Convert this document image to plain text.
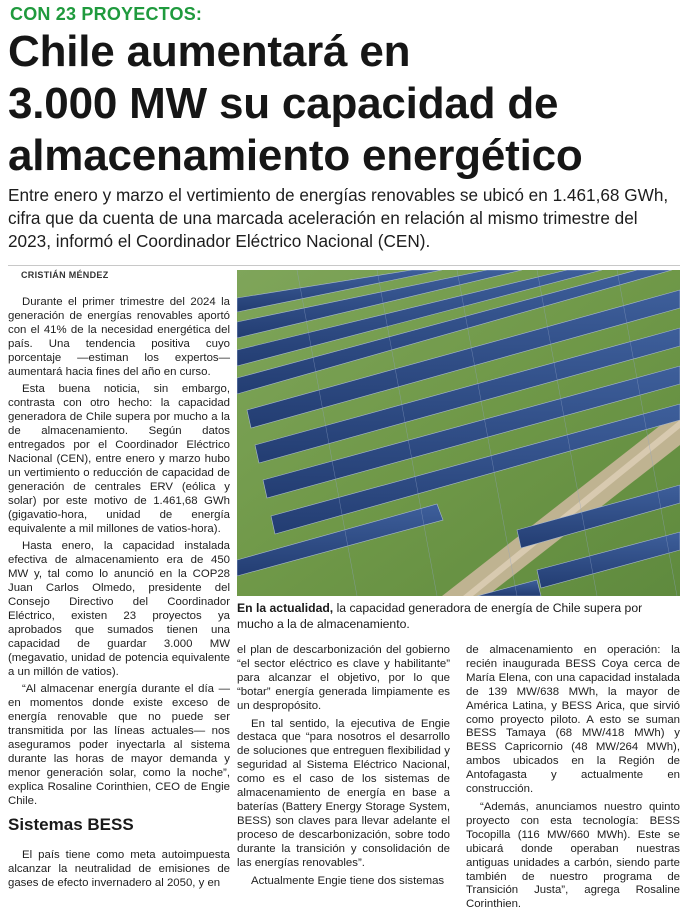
CON 23 PROYECTOS:
Chile aumentará en
3.000 MW su capacidad de
almacenamiento energético

Entre enero y marzo el vertimiento de energías renovables se ubicó en 1.461,68 GWh, cifra que da cuenta de una marcada aceleración en relación al mismo trimestre del 2023, informó el Coordinador Eléctrico Nacional (CEN).

CRISTIÁN MÉNDEZ

Durante el primer trimestre del 2024 la generación de energías renovables aportó con el 41% de la necesidad energética del país. Una tendencia positiva cuyo porcentaje —estiman los expertos— aumentará hacia fines del año en curso.

Esta buena noticia, sin embargo, contrasta con otro hecho: la capacidad generadora de Chile supera por mucho a la de almacenamiento. Según datos entregados por el Coordinador Eléctrico Nacional (CEN), entre enero y marzo hubo un vertimiento o reducción de capacidad de generación de centrales ERV (eólica y solar) por este motivo de 1.461,68 GWh (gigavatio-hora, unidad de energía equivalente a mil millones de vatios-hora).

Hasta enero, la capacidad instalada efectiva de almacenamiento era de 450 MW y, tal como lo anunció en la COP28 Juan Carlos Olmedo, presidente del Consejo Directivo del Coordinador Eléctrico, existen 23 proyectos ya aprobados que sumados tienen una capacidad de guardar 3.000 MW (megavatio, unidad de potencia equivalente a un millón de vatios).

“Al almacenar energía durante el día —en momentos donde existe exceso de energía renovable que no puede ser transmitida por las líneas actuales— nos aseguramos poder inyectarla al sistema durante las horas de mayor demanda y menor generación solar, como la noche”, explica Rosaline Corinthien, CEO de Engie Chile.

Sistemas BESS

El país tiene como meta autoimpuesta alcanzar la neutralidad de emisiones de gases de efecto invernadero al 2050, y en

En la actualidad, la capacidad generadora de energía de Chile supera por mucho a la de almacenamiento.

el plan de descarbonización del gobierno “el sector eléctrico es clave y habilitante” para alcanzar el objetivo, por lo que “botar” energía generada limpiamente es un despropósito.

En tal sentido, la ejecutiva de Engie destaca que “para nosotros el desarrollo de soluciones que entreguen flexibilidad y seguridad al Sistema Eléctrico Nacional, como es el caso de los sistemas de almacenamiento de energía en base a baterías (Battery Energy Storage System, BESS) son claves para llevar adelante el proceso de descarbonización, sobre todo durante la transición y consolidación de las energías renovables”.

Actualmente Engie tiene dos sistemas

de almacenamiento en operación: la recién inaugurada BESS Coya cerca de María Elena, con una capacidad instalada de 139 MW/638 MWh, la mayor de América Latina, y BESS Arica, que sirvió como proyecto piloto. A esto se suman BESS Tamaya (68 MW/418 MWh) y BESS Capricornio (48 MW/264 MWh), ambos ubicados en la Región de Antofagasta y actualmente en construcción.

“Además, anunciamos nuestro quinto proyecto con esta tecnología: BESS Tocopilla (116 MW/660 MWh). Este se ubicará donde operaban nuestras antiguas unidades a carbón, siendo parte también de nuestro programa de Transición Justa”, agrega Rosaline Corinthien.
